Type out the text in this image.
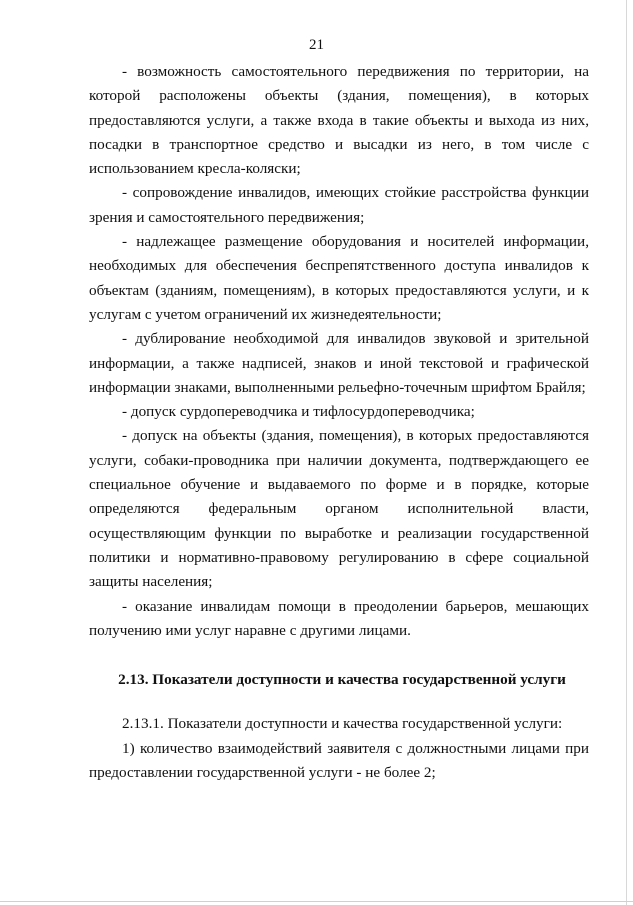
21
- возможность самостоятельного передвижения по территории, на
которой расположены объекты (здания, помещения), в которых
предоставляются услуги, а также входа в такие объекты и выхода из них,
посадки в транспортное средство и высадки из него, в том числе с
использованием кресла-коляски;
- сопровождение инвалидов, имеющих стойкие расстройства функции
зрения и самостоятельного передвижения;
- надлежащее размещение оборудования и носителей информации,
необходимых для обеспечения беспрепятственного доступа инвалидов к
объектам (зданиям, помещениям), в которых предоставляются услуги, и к
услугам с учетом ограничений их жизнедеятельности;
- дублирование необходимой для инвалидов звуковой и зрительной
информации, а также надписей, знаков и иной текстовой и графической
информации знаками, выполненными рельефно-точечным шрифтом Брайля;
- допуск сурдопереводчика и тифлосурдопереводчика;
- допуск на объекты (здания, помещения), в которых предоставляются
услуги, собаки-проводника при наличии документа, подтверждающего ее
специальное обучение и выдаваемого по форме и в порядке, которые
определяются федеральным органом исполнительной власти,
осуществляющим функции по выработке и реализации государственной
политики и нормативно-правовому регулированию в сфере социальной
защиты населения;
- оказание инвалидам помощи в преодолении барьеров, мешающих
получению ими услуг наравне с другими лицами.
2.13. Показатели доступности и качества государственной услуги
2.13.1. Показатели доступности и качества государственной услуги:
1) количество взаимодействий заявителя с должностными лицами при
предоставлении государственной услуги - не более 2;
